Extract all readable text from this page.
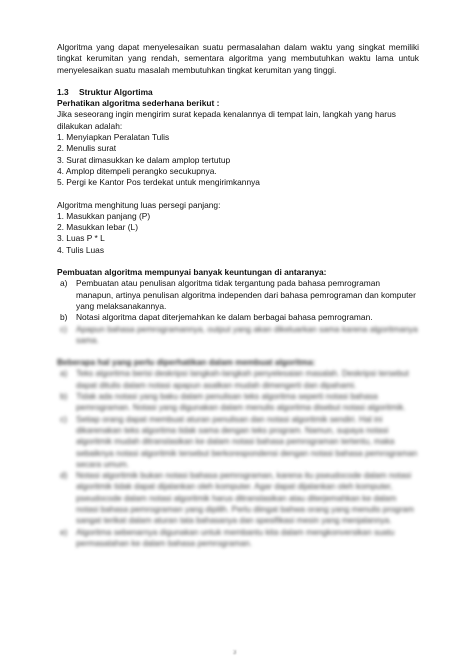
Algoritma yang dapat menyelesaikan suatu permasalahan dalam waktu yang singkat memiliki tingkat kerumitan yang rendah, sementara algoritma yang membutuhkan waktu lama untuk menyelesaikan suatu masalah membutuhkan tingkat kerumitan yang tinggi.

1.3	Struktur Algortima

Perhatikan algoritma sederhana berikut :

Jika seseorang ingin mengirim surat kepada kenalannya di tempat lain, langkah yang harus dilakukan adalah:

1. Menyiapkan Peralatan Tulis

2. Menulis surat

3. Surat dimasukkan ke dalam amplop tertutup

4. Amplop ditempeli perangko secukupnya.

5. Pergi ke Kantor Pos terdekat untuk mengirimkannya

Algoritma menghitung luas persegi panjang:

1. Masukkan panjang (P)

2. Masukkan lebar (L)

3. Luas P * L

4. Tulis Luas

Pembuatan algoritma mempunyai banyak keuntungan di antaranya:

a)	Pembuatan atau penulisan algoritma tidak tergantung pada bahasa pemrograman manapun, artinya penulisan algoritma independen dari bahasa pemrograman dan komputer yang melaksanakannya.
b)	Notasi algoritma dapat diterjemahkan ke dalam berbagai bahasa pemrograman.
c)	Apapun bahasa pemrogramannya, output yang akan dikeluarkan sama karena algoritmanya sama.

Beberapa hal yang perlu diperhatikan dalam membuat algoritma:

a)	Teks algoritma berisi deskripsi langkah-langkah penyelesaian masalah. Deskripsi tersebut dapat ditulis dalam notasi apapun asalkan mudah dimengerti dan dipahami.
b)	Tidak ada notasi yang baku dalam penulisan teks algoritma seperti notasi bahasa pemrograman. Notasi yang digunakan dalam menulis algoritma disebut notasi algoritmik.
c)	Setiap orang dapat membuat aturan penulisan dan notasi algoritmik sendiri. Hal ini dikarenakan teks algoritma tidak sama dengan teks program. Namun, supaya notasi algoritmik mudah ditranslasikan ke dalam notasi bahasa pemrograman tertentu, maka sebaiknya notasi algoritmik tersebut berkorespondensi dengan notasi bahasa pemrograman secara umum.
d)	Notasi algoritmik bukan notasi bahasa pemrograman, karena itu pseudocode dalam notasi algoritmik tidak dapat dijalankan oleh komputer. Agar dapat dijalankan oleh komputer, pseudocode dalam notasi algoritmik harus ditranslasikan atau diterjemahkan ke dalam notasi bahasa pemrograman yang dipilih. Perlu diingat bahwa orang yang menulis program sangat terikat dalam aturan tata bahasanya dan spesifikasi mesin yang menjalannya.
e)	Algoritma sebenarnya digunakan untuk membantu kita dalam mengkonversikan suatu permasalahan ke dalam bahasa pemrograman.
3
